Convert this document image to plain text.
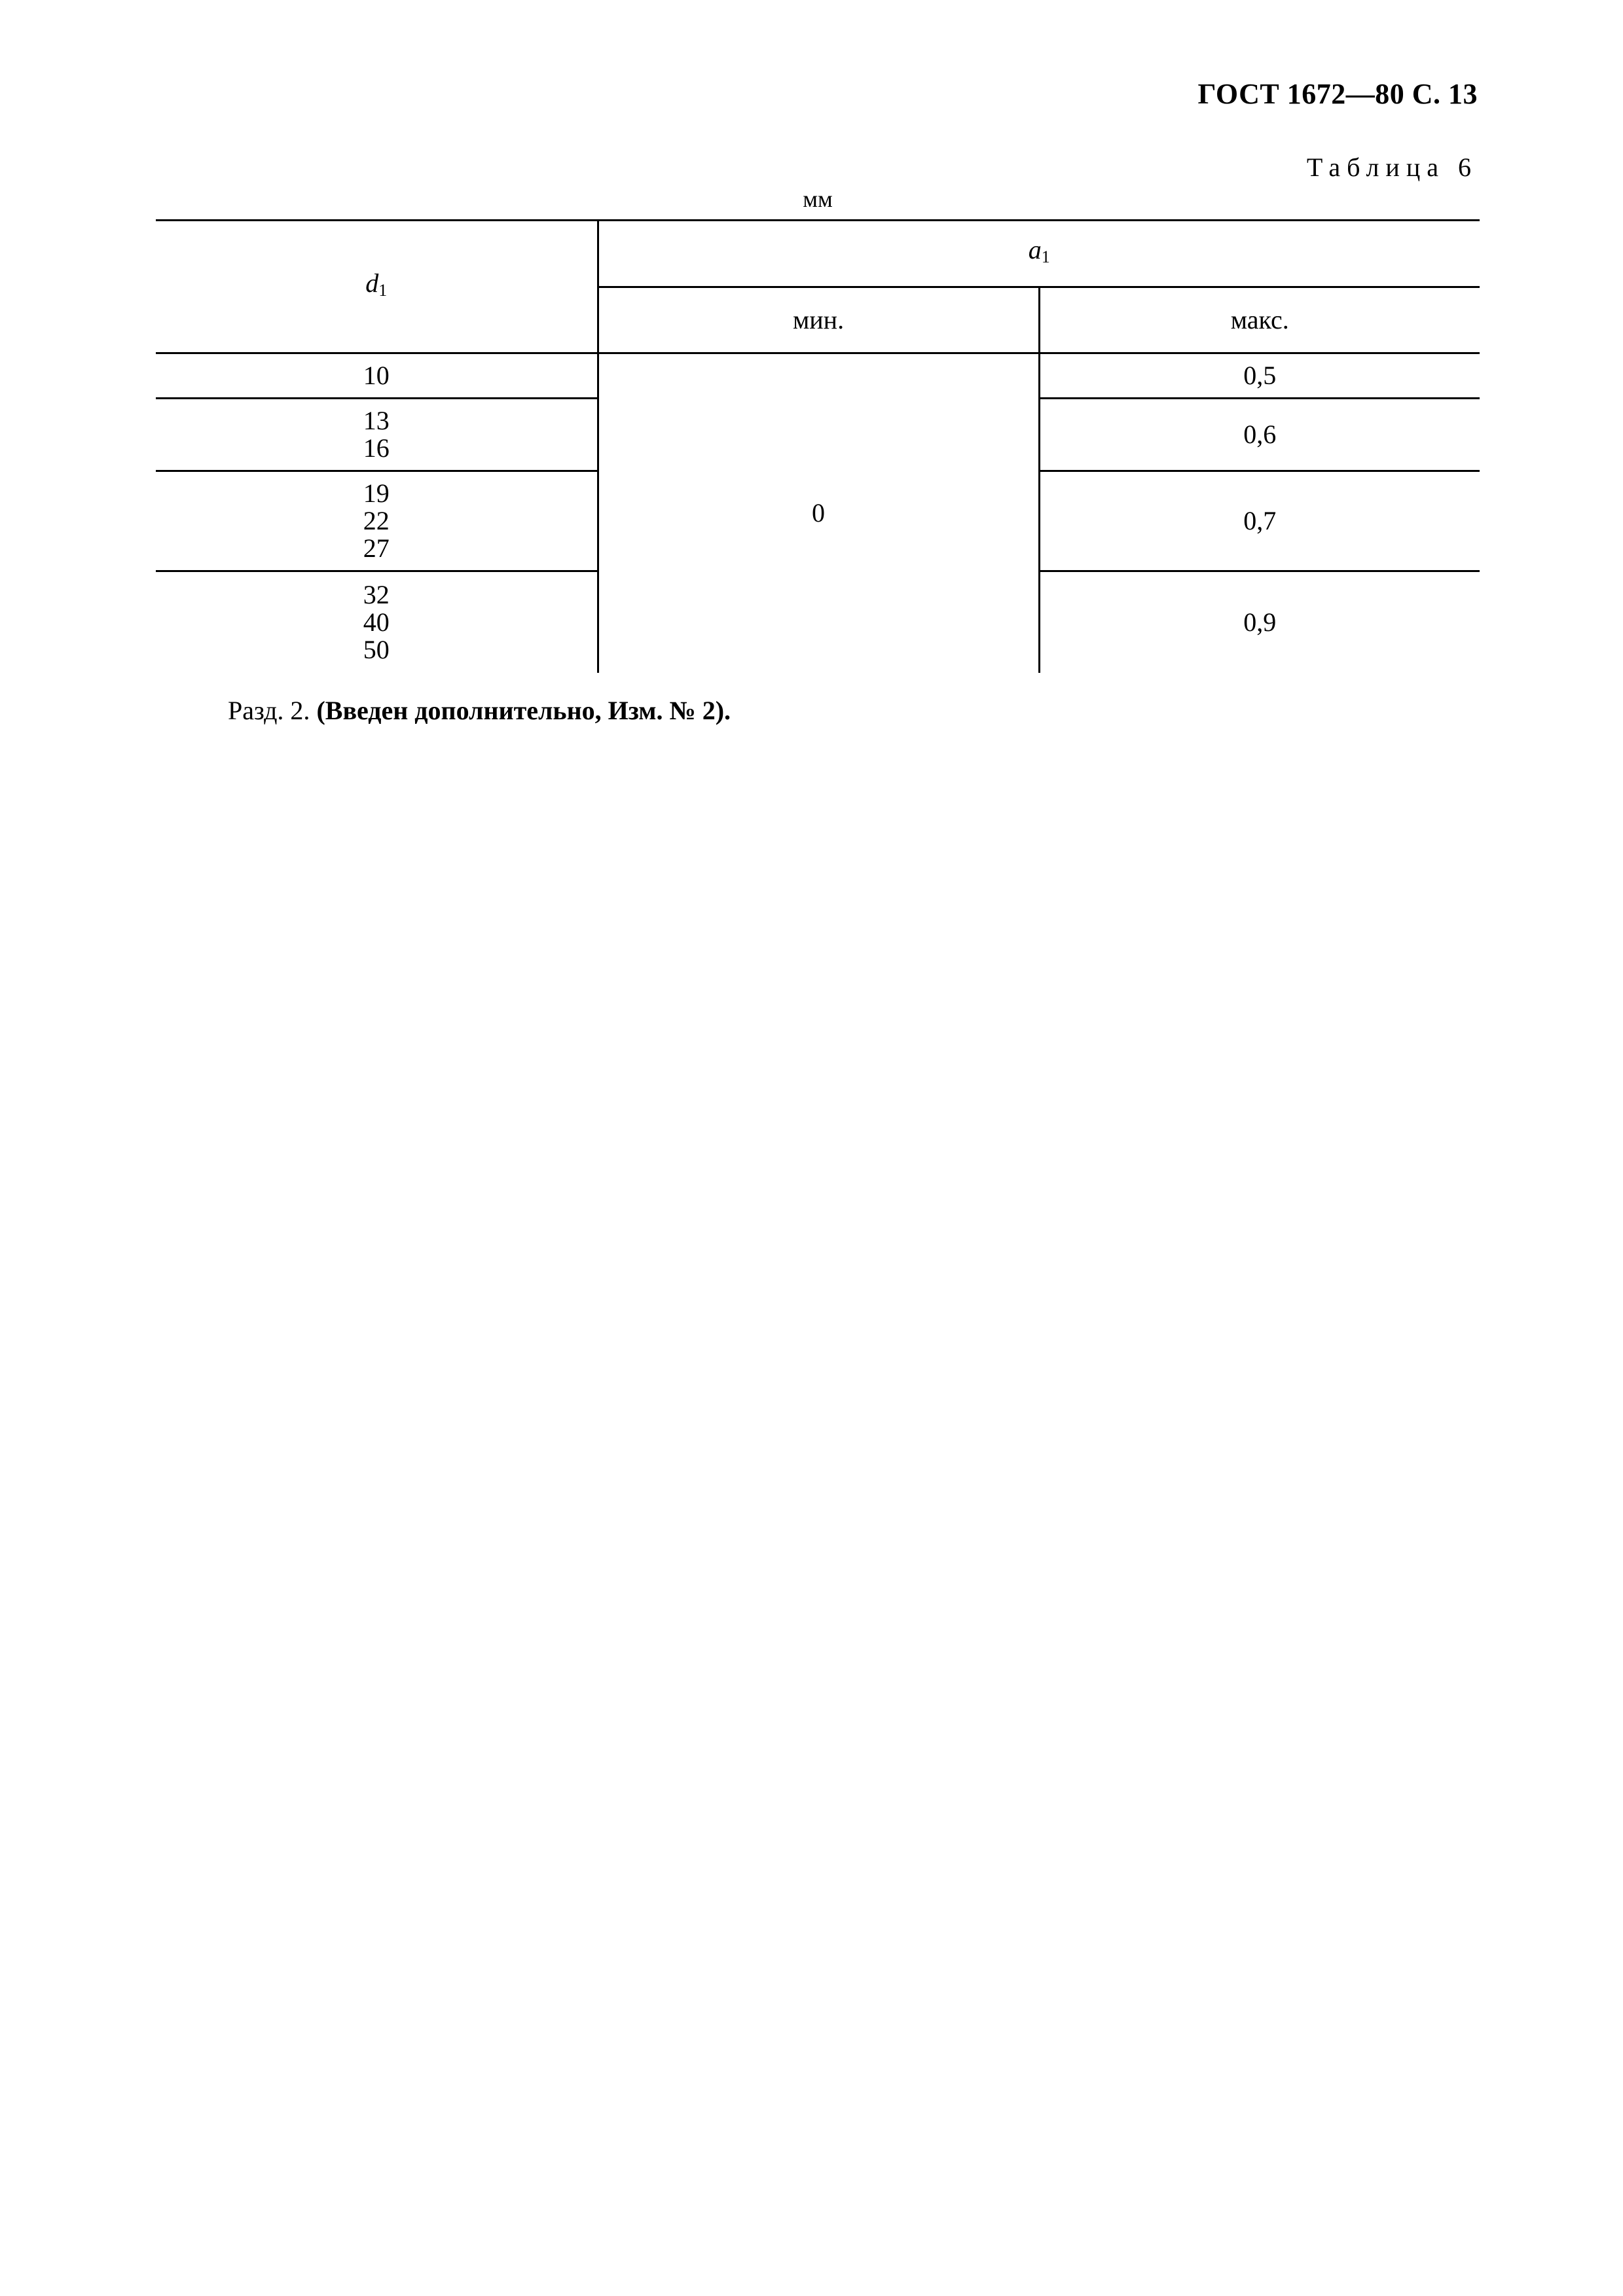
ГОСТ 1672—80 С. 13
Таблица 6
мм
$d_1$	$a_1$
	мин.	макс.

10	0	0,5

13
16		0,6

19
22
27		0,7

32
40
50		0,9
Разд. 2. (Введен дополнительно, Изм. № 2).
